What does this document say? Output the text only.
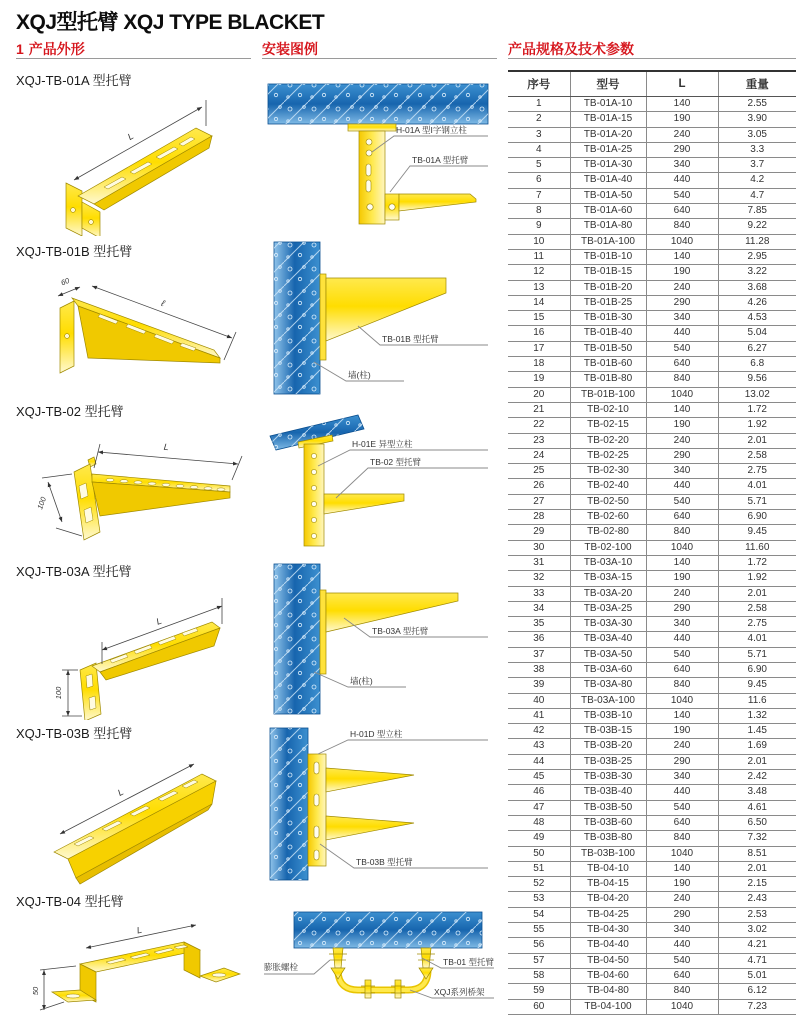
XQJ型托臂 XQJ TYPE BLACKET
1 产品外形	安装图例	产品规格及技术参数
XQJ-TB-01A 型托臂
L
XQJ-TB-01B 型托臂
60
ℓ
XQJ-TB-02 型托臂
L
100
XQJ-TB-03A 型托臂
L
100
XQJ-TB-03B 型托臂
L
XQJ-TB-04 型托臂
L
50
H-01A 型I字钢立柱
TB-01A 型托臂
TB-01B 型托臂
墙(柱)
H-01E 异型立柱
TB-02 型托臂
TB-03A 型托臂
墙(柱)
H-01D 型立柱
TB-03B 型托臂
膨胀螺栓	TB-01 型托臂
XQJ系列桥架
序号	型号	L	重量
1	TB-01A-10	140	2.55
2	TB-01A-15	190	3.90
3	TB-01A-20	240	3.05
4	TB-01A-25	290	3.3
5	TB-01A-30	340	3.7
6	TB-01A-40	440	4.2
7	TB-01A-50	540	4.7
8	TB-01A-60	640	7.85
9	TB-01A-80	840	9.22
10	TB-01A-100	1040	11.28
11	TB-01B-10	140	2.95
12	TB-01B-15	190	3.22
13	TB-01B-20	240	3.68
14	TB-01B-25	290	4.26
15	TB-01B-30	340	4.53
16	TB-01B-40	440	5.04
17	TB-01B-50	540	6.27
18	TB-01B-60	640	6.8
19	TB-01B-80	840	9.56
20	TB-01B-100	1040	13.02
21	TB-02-10	140	1.72
22	TB-02-15	190	1.92
23	TB-02-20	240	2.01
24	TB-02-25	290	2.58
25	TB-02-30	340	2.75
26	TB-02-40	440	4.01
27	TB-02-50	540	5.71
28	TB-02-60	640	6.90
29	TB-02-80	840	9.45
30	TB-02-100	1040	11.60
31	TB-03A-10	140	1.72
32	TB-03A-15	190	1.92
33	TB-03A-20	240	2.01
34	TB-03A-25	290	2.58
35	TB-03A-30	340	2.75
36	TB-03A-40	440	4.01
37	TB-03A-50	540	5.71
38	TB-03A-60	640	6.90
39	TB-03A-80	840	9.45
40	TB-03A-100	1040	11.6
41	TB-03B-10	140	1.32
42	TB-03B-15	190	1.45
43	TB-03B-20	240	1.69
44	TB-03B-25	290	2.01
45	TB-03B-30	340	2.42
46	TB-03B-40	440	3.48
47	TB-03B-50	540	4.61
48	TB-03B-60	640	6.50
49	TB-03B-80	840	7.32
50	TB-03B-100	1040	8.51
51	TB-04-10	140	2.01
52	TB-04-15	190	2.15
53	TB-04-20	240	2.43
54	TB-04-25	290	2.53
55	TB-04-30	340	3.02
56	TB-04-40	440	4.21
57	TB-04-50	540	4.71
58	TB-04-60	640	5.01
59	TB-04-80	840	6.12
60	TB-04-100	1040	7.23
